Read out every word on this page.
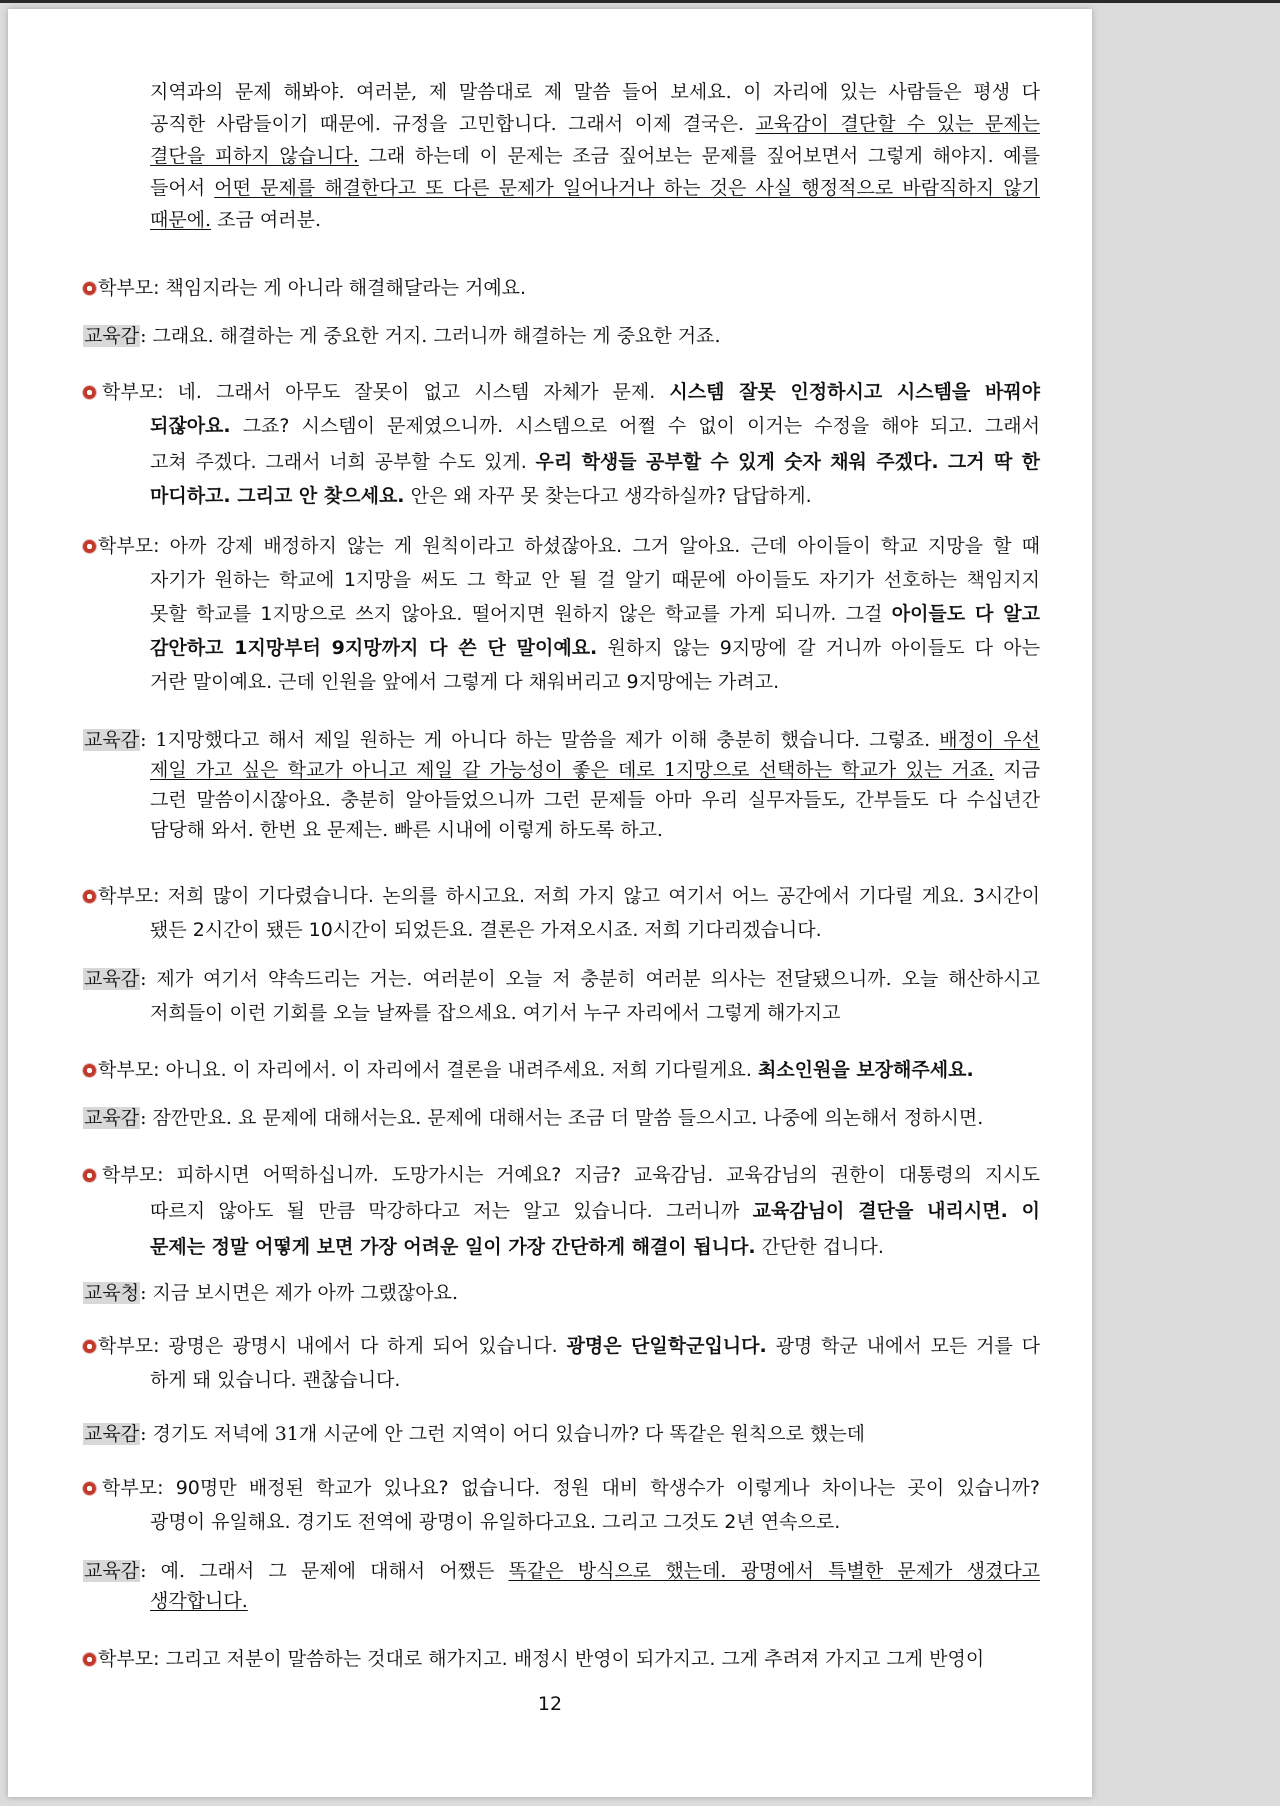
지역과의 문제 해봐야. 여러분, 제 말씀대로 제 말씀 들어 보세요. 이 자리에 있는 사람들은 평생 다
공직한 사람들이기 때문에. 규정을 고민합니다. 그래서 이제 결국은. 교육감이 결단할 수 있는 문제는
결단을 피하지 않습니다. 그래 하는데 이 문제는 조금 짚어보는 문제를 짚어보면서 그렇게 해야지. 예를
들어서 어떤 문제를 해결한다고 또 다른 문제가 일어나거나 하는 것은 사실 행정적으로 바람직하지 않기
때문에. 조금 여러분.
학부모: 책임지라는 게 아니라 해결해달라는 거예요.
교육감: 그래요. 해결하는 게 중요한 거지. 그러니까 해결하는 게 중요한 거죠.
학부모: 네. 그래서 아무도 잘못이 없고 시스템 자체가 문제. 시스템 잘못 인정하시고 시스템을 바꿔야
되잖아요. 그죠? 시스템이 문제였으니까. 시스템으로 어쩔 수 없이 이거는 수정을 해야 되고. 그래서
고쳐 주겠다. 그래서 너희 공부할 수도 있게. 우리 학생들 공부할 수 있게 숫자 채워 주겠다. 그거 딱 한
마디하고. 그리고 안 찾으세요. 안은 왜 자꾸 못 찾는다고 생각하실까? 답답하게.
학부모: 아까 강제 배정하지 않는 게 원칙이라고 하셨잖아요. 그거 알아요. 근데 아이들이 학교 지망을 할 때
자기가 원하는 학교에 1지망을 써도 그 학교 안 될 걸 알기 때문에 아이들도 자기가 선호하는 책임지지
못할 학교를 1지망으로 쓰지 않아요. 떨어지면 원하지 않은 학교를 가게 되니까. 그걸 아이들도 다 알고
감안하고 1지망부터 9지망까지 다 쓴 단 말이예요. 원하지 않는 9지망에 갈 거니까 아이들도 다 아는
거란 말이예요. 근데 인원을 앞에서 그렇게 다 채워버리고 9지망에는 가려고.
교육감: 1지망했다고 해서 제일 원하는 게 아니다 하는 말씀을 제가 이해 충분히 했습니다. 그렇죠. 배정이 우선
제일 가고 싶은 학교가 아니고 제일 갈 가능성이 좋은 데로 1지망으로 선택하는 학교가 있는 거죠. 지금
그런 말씀이시잖아요. 충분히 알아들었으니까 그런 문제들 아마 우리 실무자들도, 간부들도 다 수십년간
담당해 와서. 한번 요 문제는. 빠른 시내에 이렇게 하도록 하고.
학부모: 저희 많이 기다렸습니다. 논의를 하시고요. 저희 가지 않고 여기서 어느 공간에서 기다릴 게요. 3시간이
됐든 2시간이 됐든 10시간이 되었든요. 결론은 가져오시죠. 저희 기다리겠습니다.
교육감: 제가 여기서 약속드리는 거는. 여러분이 오늘 저 충분히 여러분 의사는 전달됐으니까. 오늘 해산하시고
저희들이 이런 기회를 오늘 날짜를 잡으세요. 여기서 누구 자리에서 그렇게 해가지고
학부모: 아니요. 이 자리에서. 이 자리에서 결론을 내려주세요. 저희 기다릴게요. 최소인원을 보장해주세요.
교육감: 잠깐만요. 요 문제에 대해서는요. 문제에 대해서는 조금 더 말씀 들으시고. 나중에 의논해서 정하시면.
학부모: 피하시면 어떡하십니까. 도망가시는 거예요? 지금? 교육감님. 교육감님의 권한이 대통령의 지시도
따르지 않아도 될 만큼 막강하다고 저는 알고 있습니다. 그러니까 교육감님이 결단을 내리시면. 이
문제는 정말 어떻게 보면 가장 어려운 일이 가장 간단하게 해결이 됩니다. 간단한 겁니다.
교육청: 지금 보시면은 제가 아까 그랬잖아요.
학부모: 광명은 광명시 내에서 다 하게 되어 있습니다. 광명은 단일학군입니다. 광명 학군 내에서 모든 거를 다
하게 돼 있습니다. 괜찮습니다.
교육감: 경기도 저녁에 31개 시군에 안 그런 지역이 어디 있습니까? 다 똑같은 원칙으로 했는데
학부모: 90명만 배정된 학교가 있나요? 없습니다. 정원 대비 학생수가 이렇게나 차이나는 곳이 있습니까?
광명이 유일해요. 경기도 전역에 광명이 유일하다고요. 그리고 그것도 2년 연속으로.
교육감: 예. 그래서 그 문제에 대해서 어쨌든 똑같은 방식으로 했는데. 광명에서 특별한 문제가 생겼다고
생각합니다.
학부모: 그리고 저분이 말씀하는 것대로 해가지고. 배정시 반영이 되가지고. 그게 추려져 가지고 그게 반영이
12
